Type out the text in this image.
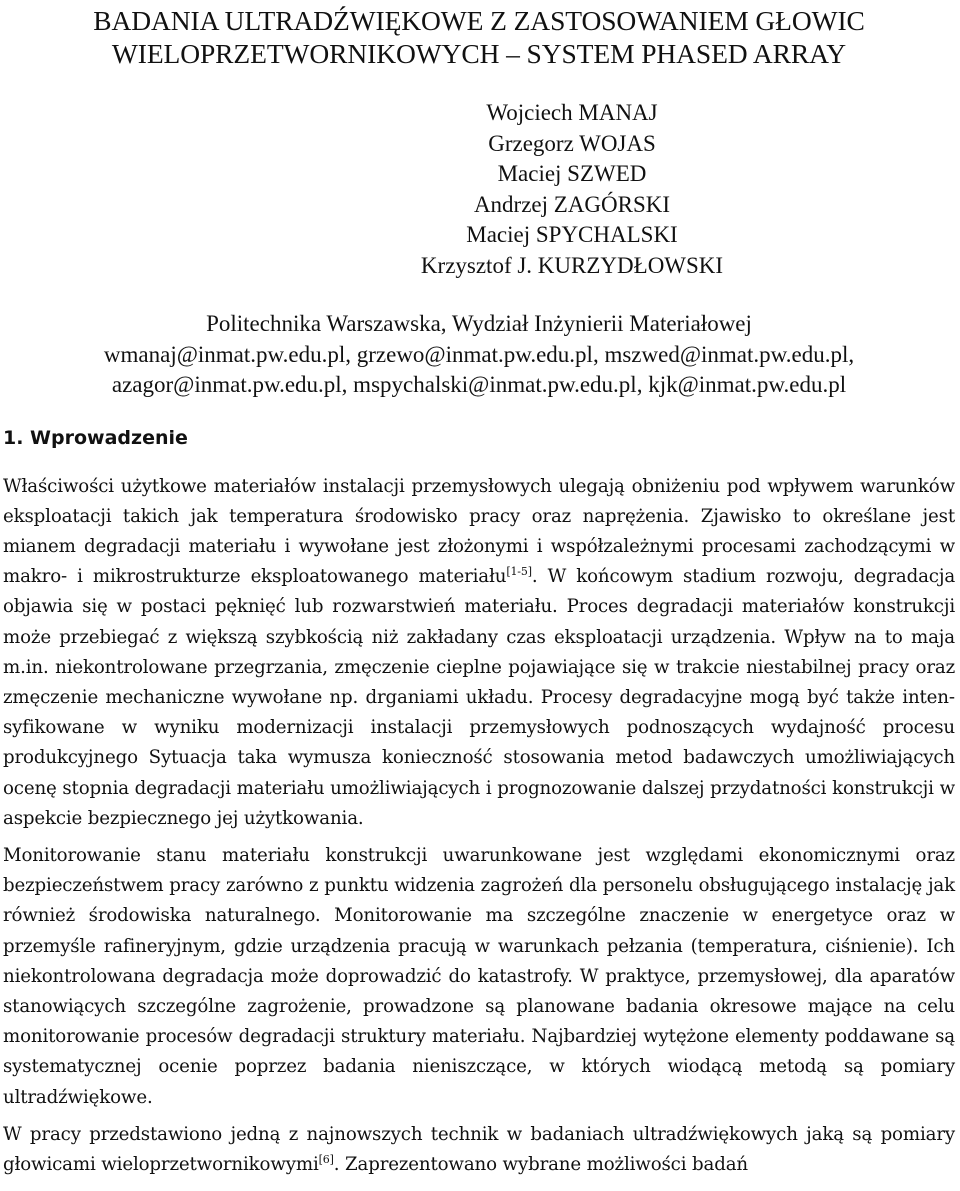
BADANIA ULTRADŹWIĘKOWE Z ZASTOSOWANIEM GŁOWIC
WIELOPRZETWORNIKOWYCH – SYSTEM PHASED ARRAY
Wojciech MANAJ
Grzegorz WOJAS
Maciej SZWED
Andrzej ZAGÓRSKI
Maciej SPYCHALSKI
Krzysztof J. KURZYDŁOWSKI
Politechnika Warszawska, Wydział Inżynierii Materiałowej
wmanaj@inmat.pw.edu.pl, grzewo@inmat.pw.edu.pl, mszwed@inmat.pw.edu.pl,
azagor@inmat.pw.edu.pl, mspychalski@inmat.pw.edu.pl, kjk@inmat.pw.edu.pl
1. Wprowadzenie

Właściwości użytkowe materiałów instalacji przemysłowych ulegają obniżeniu pod wpływem warunków eksploatacji takich jak temperatura środowisko pracy oraz naprężenia. Zjawisko to określane jest mianem degradacji materiału i wywołane jest złożonymi i współzależnymi procesami zachodzącymi w makro- i mikrostrukturze eksploatowanego materiału[1-5]. W końcowym stadium rozwoju, degradacja objawia się w postaci pęknięć lub rozwarstwień materiału. Proces degradacji materiałów konstrukcji może przebiegać z większą szybkością niż zakładany czas eksploatacji urządzenia. Wpływ na to maja m.in. niekontrolowane przegrzania, zmęczenie cieplne pojawiające się w trakcie niestabilnej pracy oraz zmęczenie mechaniczne wywołane np. drganiami układu. Procesy degradacyjne mogą być także intensyfikowane w wyniku modernizacji instalacji przemysłowych podnoszących wydajność procesu produkcyjnego Sytuacja taka wymusza konieczność stosowania metod badawczych umożliwiających ocenę stopnia degradacji materiału umożliwiających i prognozowanie dalszej przydatności konstrukcji w aspekcie bezpiecznego jej użytkowania.

Monitorowanie stanu materiału konstrukcji uwarunkowane jest względami ekonomicznymi oraz bezpieczeństwem pracy zarówno z punktu widzenia zagrożeń dla personelu obsługującego instalację jak również środowiska naturalnego. Monitorowanie ma szczególne znaczenie w energetyce oraz w przemyśle rafineryjnym, gdzie urządzenia pracują w warunkach pełzania (temperatura, ciśnienie). Ich niekontrolowana degradacja może doprowadzić do katastrofy. W praktyce, przemysłowej, dla aparatów stanowiących szczególne zagrożenie, prowadzone są planowane badania okresowe mające na celu monitorowanie procesów degradacji struktury materiału. Najbardziej wytężone elementy poddawane są systematycznej ocenie poprzez badania nieniszczące, w których wiodącą metodą są pomiary ultradźwiękowe.

W pracy przedstawiono jedną z najnowszych technik w badaniach ultradźwiękowych jaką są pomiary głowicami wieloprzetwornikowymi[6]. Zaprezentowano wybrane możliwości badań
